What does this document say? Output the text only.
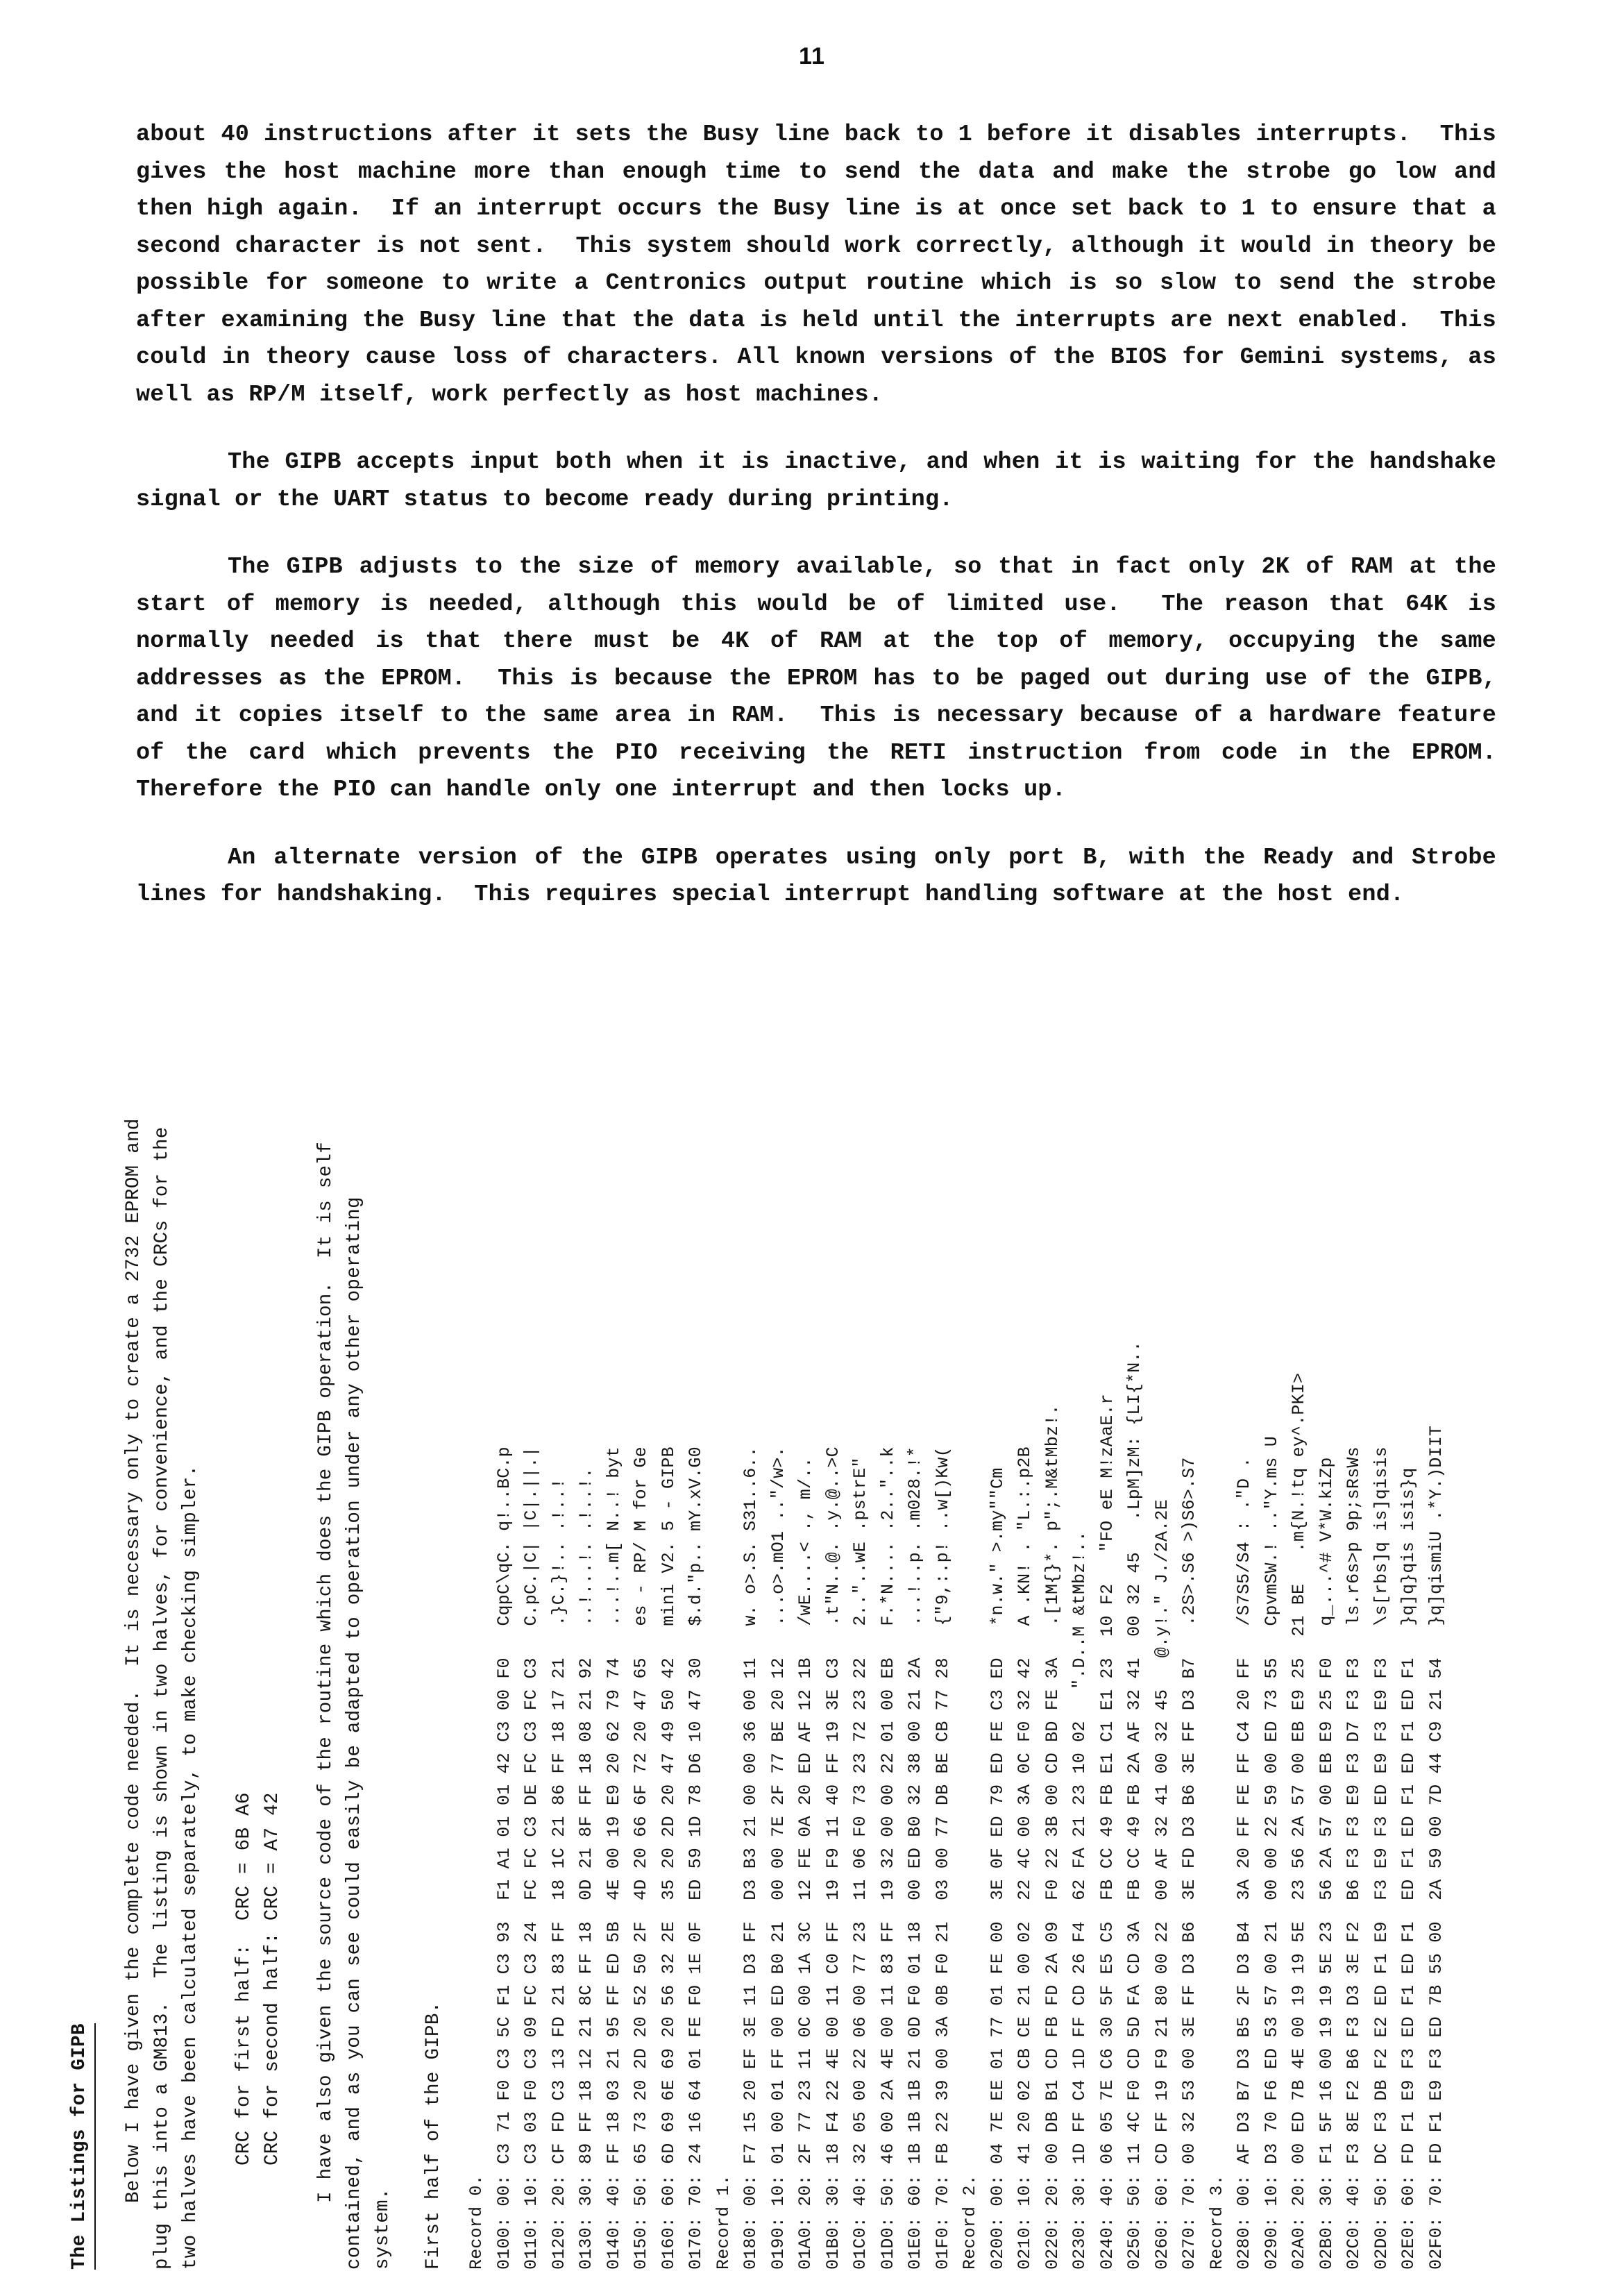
11

about 40 instructions after it sets the Busy line back to 1 before it disables interrupts.  This gives the host machine more than enough time to send the data and make the strobe go low and then high again.  If an interrupt occurs the Busy line is at once set back to 1 to ensure that a second character is not sent.  This system should work correctly, although it would in theory be possible for someone to write a Centronics output routine which is so slow to send the strobe after examining the Busy line that the data is held until the interrupts are next enabled.  This could in theory cause loss of characters. All known versions of the BIOS for Gemini systems, as well as RP/M itself, work perfectly as host machines.

The GIPB accepts input both when it is inactive, and when it is waiting for the handshake signal or the UART status to become ready during printing.

The GIPB adjusts to the size of memory available, so that in fact only 2K of RAM at the start of memory is needed, although this would be of limited use.  The reason that 64K is normally needed is that there must be 4K of RAM at the top of memory, occupying the same addresses as the EPROM.  This is because the EPROM has to be paged out during use of the GIPB, and it copies itself to the same area in RAM.  This is necessary because of a hardware feature of the card which prevents the PIO receiving the RETI instruction from code in the EPROM.  Therefore the PIO can handle only one interrupt and then locks up.

An alternate version of the GIPB operates using only port B, with the Ready and Strobe lines for handshaking.  This requires special interrupt handling software at the host end.

The Listings for GIPB Below I have given the complete code needed.  It is necessary only to create a 2732 EPROM and plug this into a GM813.  The listing is shown in two halves, for convenience, and the CRCs for the two halves have been calculated separately, to make checking simpler. CRC for first half:  CRC = 6B A6 CRC for second half: CRC = A7 42 I have also given the source code of the routine which does the GIPB operation.  It is self contained, and as you can see could easily be adapted to operation under any other operating system. First half of the GIPB. Record 0. 0100: 00: C3 71 F0 C3 5C F1 C3 93  F1 A1 01 01 42 C3 00 F0   CqpC\qC. q!..BC.p
0110: 10: C3 03 F0 C3 09 FC C3 24  FC FC C3 DE FC C3 FC C3   C.pC.|C| |C|.||.|
0120: 20: CF FD C3 13 FD 21 83 FF  18 1C 21 86 FF 18 17 21   .}C.}!.. .!..!
0130: 30: 89 FF 18 12 21 8C FF 18  0D 21 8F FF 18 08 21 92   ..!...!. .!..!.
0140: 40: FF 18 03 21 95 FF ED 5B  4E 00 19 E9 20 62 79 74   ...!..m[ N..! byt
0150: 50: 65 73 20 2D 20 52 50 2F  4D 20 66 6F 72 20 47 65   es - RP/ M for Ge
0160: 60: 6D 69 6E 69 20 56 32 2E  35 20 2D 20 47 49 50 42   mini V2. 5 - GIPB
0170: 70: 24 16 64 01 FE F0 1E 0F  ED 59 1D 78 D6 10 47 30   $.d."p.. mY.xV.G0
Record 1. 0180: 00: F7 15 20 EF 3E 11 D3 FF  D3 B3 21 00 00 36 00 11   w. o>.S. S31..6..
0190: 10: 01 00 01 FF 00 ED B0 21  00 00 7E 2F 77 BE 20 12   ...o>.mO1 .."/w>.
01A0: 20: 2F 77 23 11 0C 00 1A 3C  12 FE 0A 20 ED AF 12 1B   /wE....< ., m/..
01B0: 30: 18 F4 22 4E 00 11 C0 FF  19 F9 11 40 FF 19 3E C3   .t"N..@. .y.@..>C
01C0: 40: 32 05 00 22 06 00 77 23  11 06 F0 73 23 72 23 22   2.."..wE .pstrE"
01D0: 50: 46 00 2A 4E 00 11 83 FF  19 32 00 00 22 01 00 EB   F.*N.... .2.."..k
01E0: 60: 1B 1B 1B 21 0D F0 01 18  00 ED B0 32 38 00 21 2A   ...!..p. .m028.!*
01F0: 70: FB 22 39 00 3A 0B F0 21  03 00 77 DB BE CB 77 28   {"9,:.p! ..w[)Kw(
Record 2. 0200: 00: 04 7E EE 01 77 01 FE 00  3E 0F ED 79 ED FE C3 ED   *n.w." >.my""Cm
0210: 10: 41 20 02 CB CE 21 00 02  22 4C 00 3A 0C F0 32 42   A .KN! . "L.:.p2B
0220: 20: 00 DB B1 CD FB FD 2A 09  F0 22 3B 00 CD BD FE 3A   .[1M{}*. p";.M&tMbz!.
0230: 30: 1D FF C4 1D FF CD 26 F4  62 FA 21 23 10 02   ".D..M &tMbz!..
0240: 40: 06 05 7E C6 30 5F E5 C5  FB CC 49 FB E1 C1 E1 23  10 F2   "FO eE M!zAaE.r
0250: 50: 11 4C F0 CD 5D FA CD 3A  FB CC 49 FB 2A AF 32 41  00 32 45   .LpM]zM: {LI{*N..
0260: 60: CD FF 19 F9 21 80 00 22  00 AF 32 41 00 32 45   @.y!." J./2A.2E
0270: 70: 00 32 53 00 3E FF D3 B6  3E FD D3 B6 3E FF D3 B7   .2S>.S6 >)S6>.S7
Record 3. 0280: 00: AF D3 B7 D3 B5 2F D3 B4  3A 20 FF FE FF C4 20 FF   /S7S5/S4 : ."D .
0290: 10: D3 70 F6 ED 53 57 00 21  00 00 22 59 00 ED 73 55   CpvmSW.! .."Y.ms U
02A0: 20: 00 ED 7B 4E 00 19 19 5E  23 56 2A 57 00 EB E9 25  21 BE   .m{N.!tq ey^.PKI>
02B0: 30: F1 5F 16 00 19 19 5E 23  56 2A 57 00 EB E9 25 F0   q_...^# V*W.kiZp
02C0: 40: F3 8E F2 B6 F3 D3 3E F2  B6 F3 F3 E9 F3 D7 F3 F3   ls.r6s>p 9p;sRsWs
02D0: 50: DC F3 DB F2 E2 ED F1 E9  F3 E9 F3 ED E9 F3 E9 F3   \s[rbs]q is]qisis
02E0: 60: FD F1 E9 F3 ED F1 ED F1  ED F1 ED F1 ED F1 ED F1   }q]q}qis isis}q
02F0: 70: FD F1 E9 F3 ED 7B 55 00  2A 59 00 7D 44 C9 21 54   }q]qismiU .*Y.)DIIT
